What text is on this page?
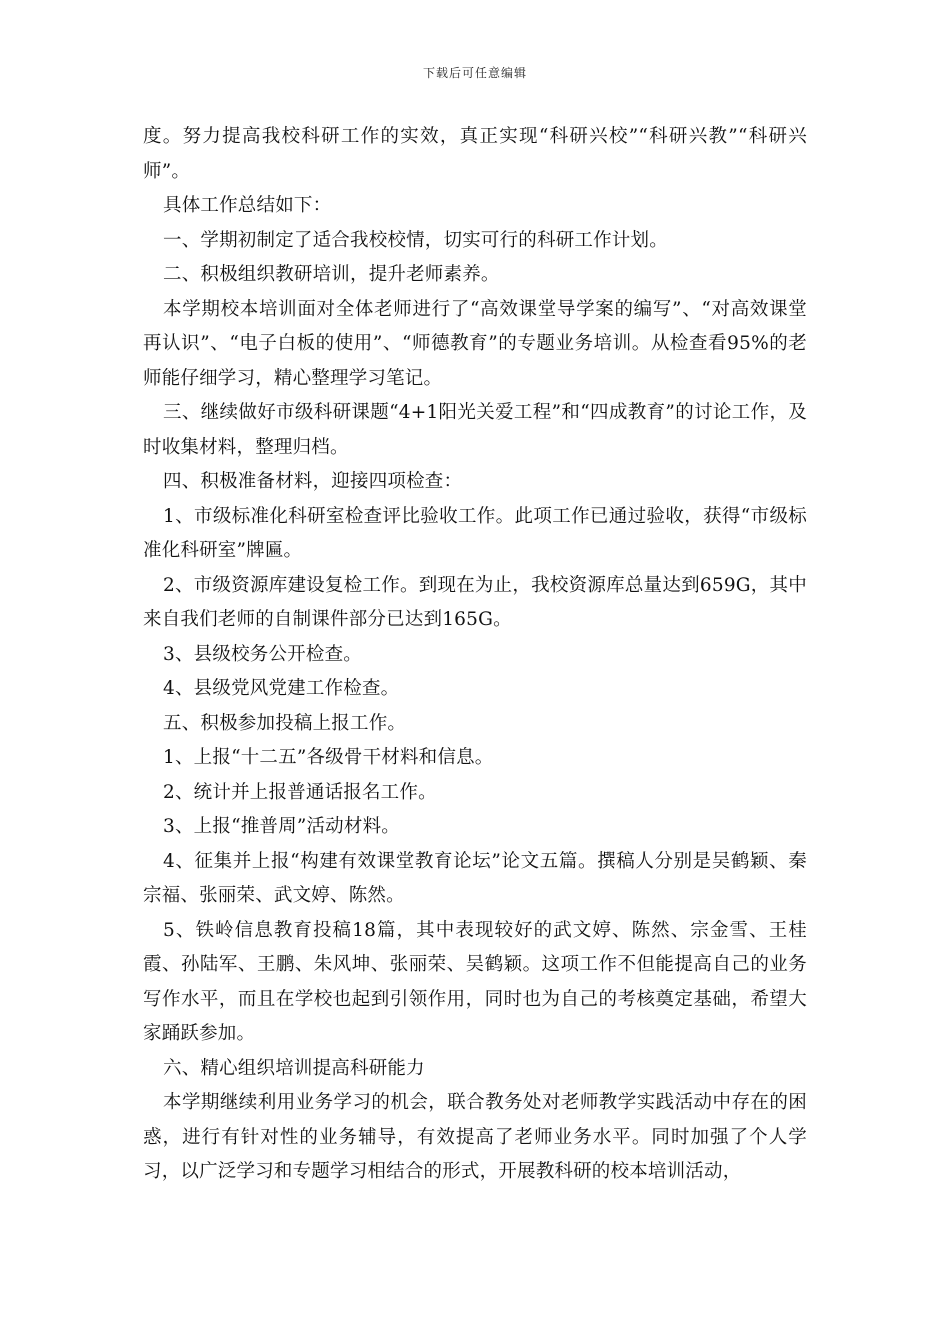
下载后可任意编辑

度。努力提高我校科研工作的实效，真正实现“科研兴校”“科研兴教”“科研兴师”。

具体工作总结如下：

一、学期初制定了适合我校校情，切实可行的科研工作计划。

二、积极组织教研培训，提升老师素养。

本学期校本培训面对全体老师进行了“高效课堂导学案的编写”、“对高效课堂再认识”、“电子白板的使用”、“师德教育”的专题业务培训。从检查看95%的老师能仔细学习，精心整理学习笔记。

三、继续做好市级科研课题“4+1阳光关爱工程”和“四成教育”的讨论工作，及时收集材料，整理归档。

四、积极准备材料，迎接四项检查：

1、市级标准化科研室检查评比验收工作。此项工作已通过验收，获得“市级标准化科研室”牌匾。

2、市级资源库建设复检工作。到现在为止，我校资源库总量达到659G，其中来自我们老师的自制课件部分已达到165G。

3、县级校务公开检查。

4、县级党风党建工作检查。

五、积极参加投稿上报工作。

1、上报“十二五”各级骨干材料和信息。

2、统计并上报普通话报名工作。

3、上报“推普周”活动材料。

4、征集并上报“构建有效课堂教育论坛”论文五篇。撰稿人分别是吴鹤颖、秦宗福、张丽荣、武文婷、陈然。

5、铁岭信息教育投稿18篇，其中表现较好的武文婷、陈然、宗金雪、王桂霞、孙陆军、王鹏、朱风坤、张丽荣、吴鹤颖。这项工作不但能提高自己的业务写作水平，而且在学校也起到引领作用，同时也为自己的考核奠定基础，希望大家踊跃参加。

六、精心组织培训提高科研能力

本学期继续利用业务学习的机会，联合教务处对老师教学实践活动中存在的困惑，进行有针对性的业务辅导，有效提高了老师业务水平。同时加强了个人学习，以广泛学习和专题学习相结合的形式，开展教科研的校本培训活动，
